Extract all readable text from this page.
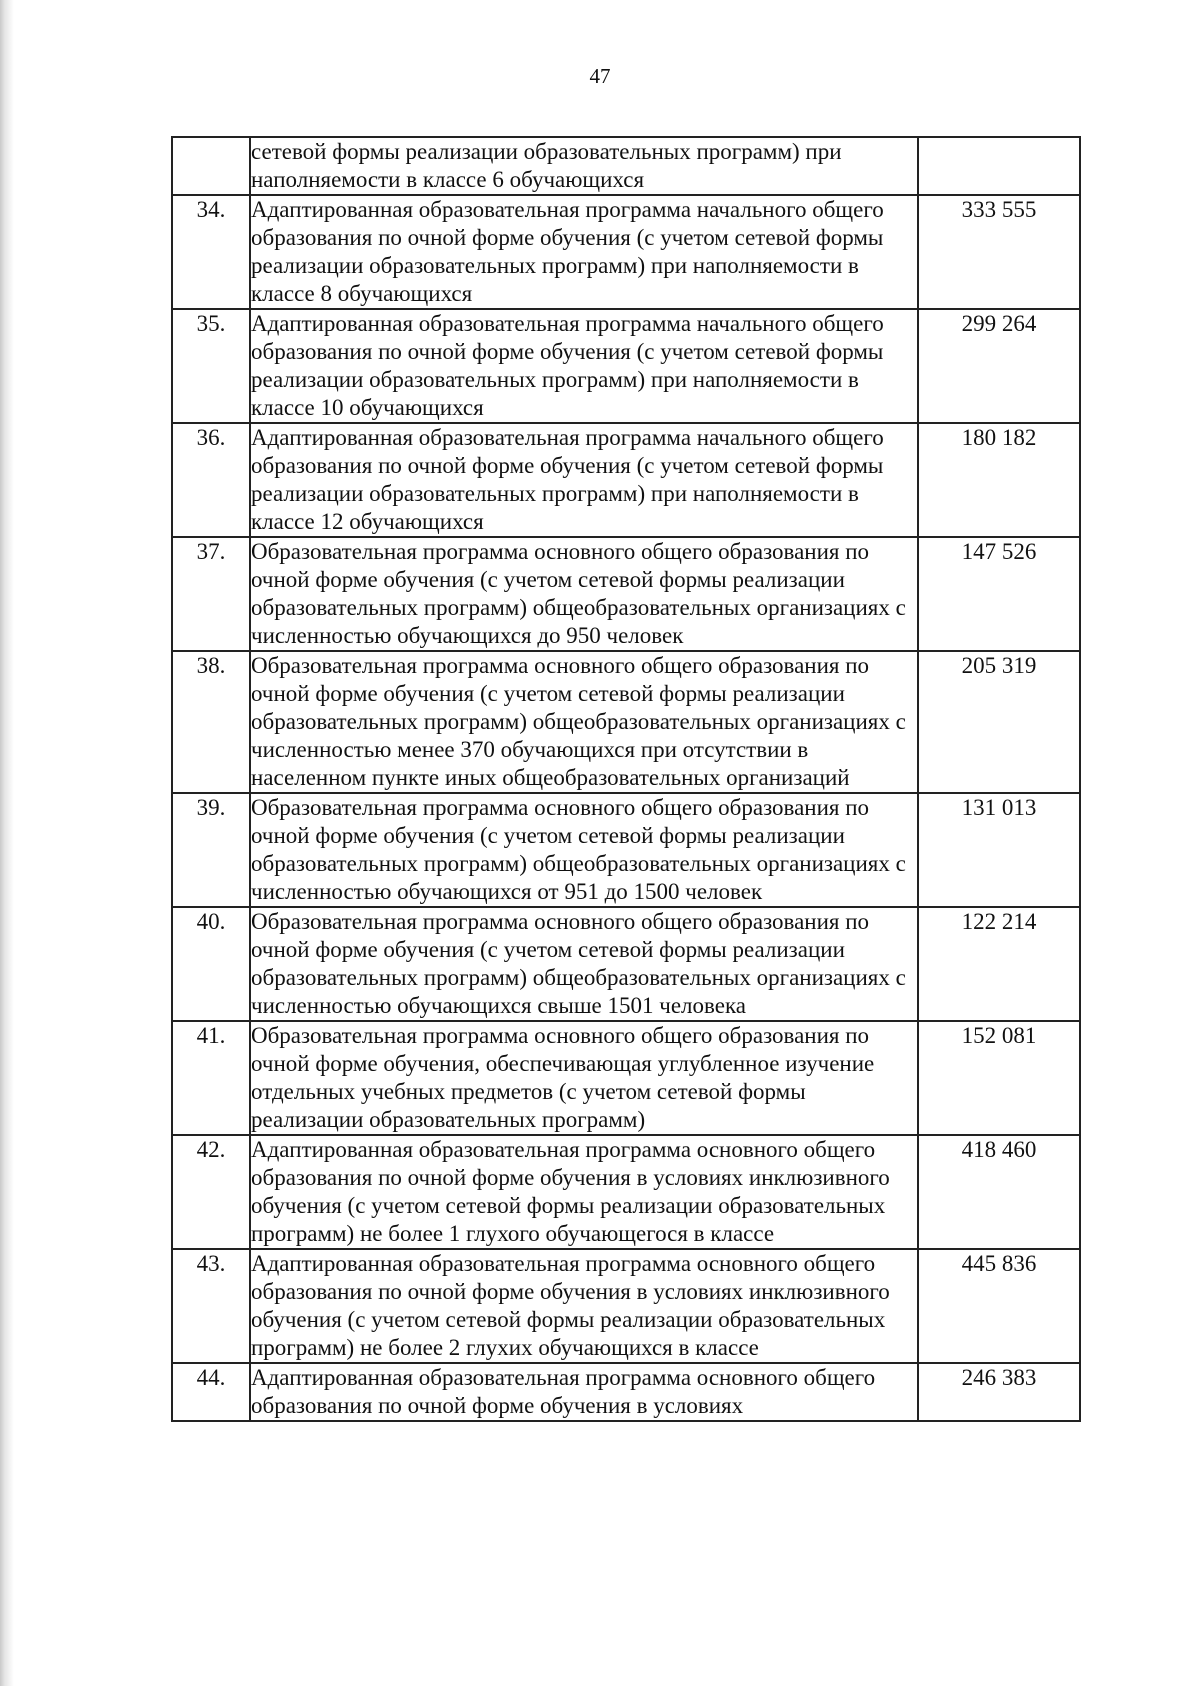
47
	сетевой формы реализации образовательных программ) при наполняемости в классе 6 обучающихся	
34.	Адаптированная образовательная программа начального общего образования по очной форме обучения (с учетом сетевой формы реализации образовательных программ) при наполняемости в классе 8 обучающихся	333 555
35.	Адаптированная образовательная программа начального общего образования по очной форме обучения (с учетом сетевой формы реализации образовательных программ) при наполняемости в классе 10 обучающихся	299 264
36.	Адаптированная образовательная программа начального общего образования по очной форме обучения (с учетом сетевой формы реализации образовательных программ) при наполняемости в классе 12 обучающихся	180 182
37.	Образовательная программа основного общего образования по очной форме обучения (с учетом сетевой формы реализации образовательных программ) общеобразовательных организациях с численностью обучающихся до 950 человек	147 526
38.	Образовательная программа основного общего образования по очной форме обучения (с учетом сетевой формы реализации образовательных программ) общеобразовательных организациях с численностью менее 370 обучающихся при отсутствии в населенном пункте иных общеобразовательных организаций	205 319
39.	Образовательная программа основного общего образования по очной форме обучения (с учетом сетевой формы реализации образовательных программ) общеобразовательных организациях с численностью обучающихся от 951 до 1500 человек	131 013
40.	Образовательная программа основного общего образования по очной форме обучения (с учетом сетевой формы реализации образовательных программ) общеобразовательных организациях с численностью обучающихся свыше 1501 человека	122 214
41.	Образовательная программа основного общего образования по очной форме обучения, обеспечивающая углубленное изучение отдельных учебных предметов (с учетом сетевой формы реализации образовательных программ)	152 081
42.	Адаптированная образовательная программа основного общего образования по очной форме обучения в условиях инклюзивного обучения (с учетом сетевой формы реализации образовательных программ) не более 1 глухого обучающегося в классе	418 460
43.	Адаптированная образовательная программа основного общего образования по очной форме обучения в условиях инклюзивного обучения (с учетом сетевой формы реализации образовательных программ) не более 2 глухих обучающихся в классе	445 836
44.	Адаптированная образовательная программа основного общего образования по очной форме обучения в условиях	246 383
